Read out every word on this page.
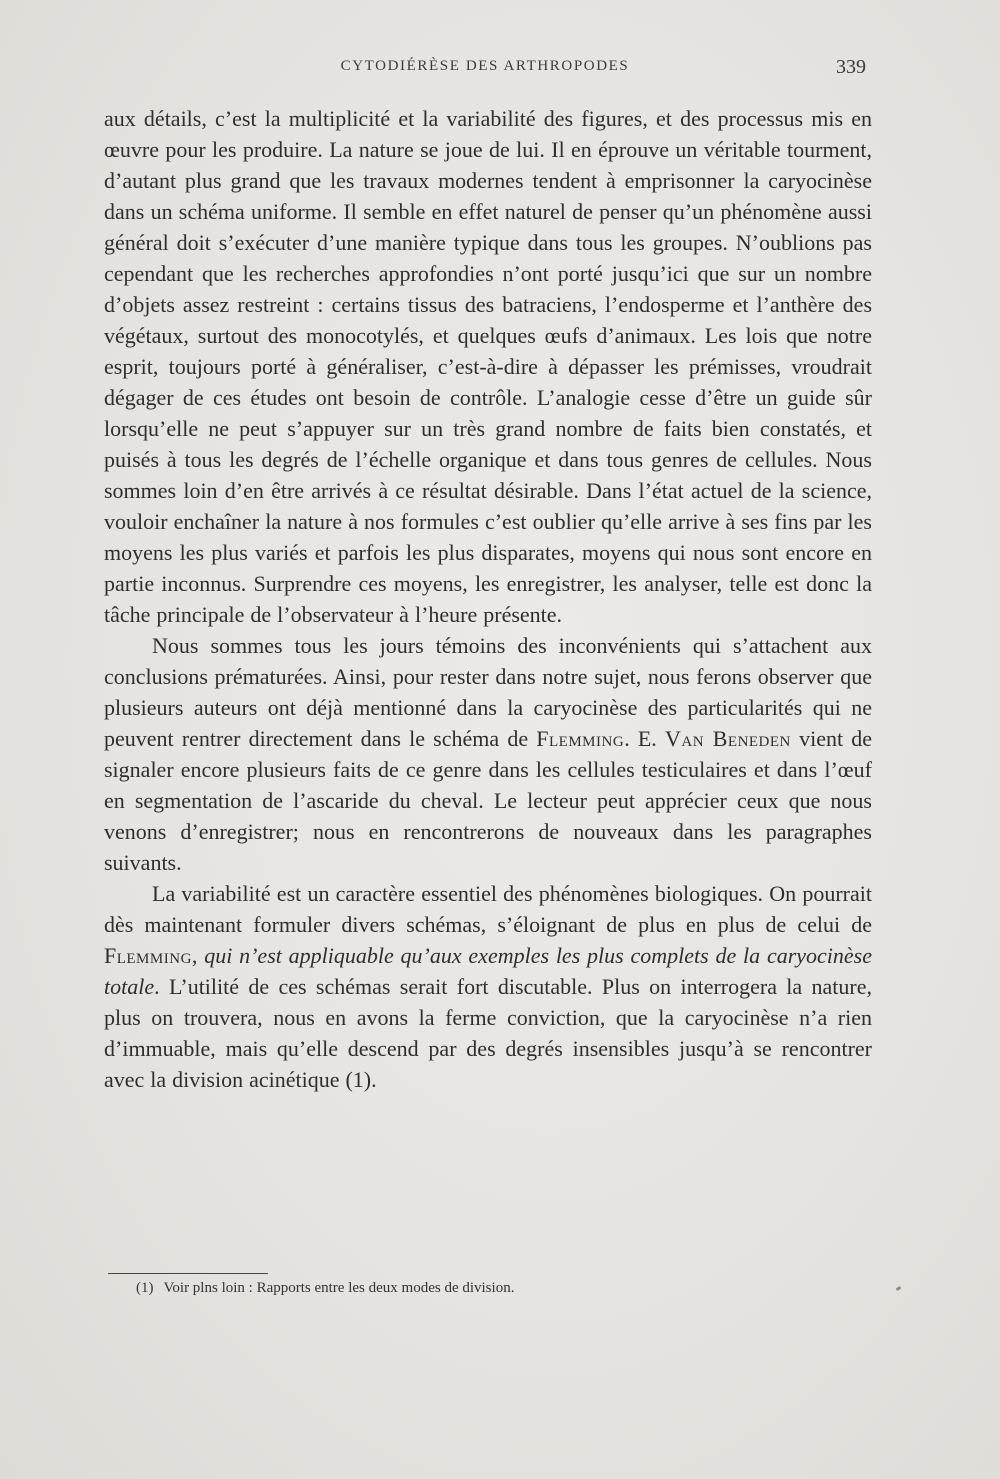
CYTODIÉRÈSE DES ARTHROPODES	339

aux détails, c’est la multiplicité et la variabilité des figures, et des processus mis en œuvre pour les produire. La nature se joue de lui. Il en éprouve un véritable tourment, d’autant plus grand que les travaux modernes tendent à emprisonner la caryocinèse dans un schéma uniforme. Il semble en effet naturel de penser qu’un phénomène aussi général doit s’exécuter d’une manière typique dans tous les groupes. N’oublions pas cependant que les recherches approfondies n’ont porté jusqu’ici que sur un nombre d’objets assez restreint : certains tissus des batraciens, l’endosperme et l’anthère des végétaux, surtout des monocotylés, et quelques œufs d’animaux. Les lois que notre esprit, toujours porté à généraliser, c’est-à-dire à dépasser les prémisses, vroudrait dégager de ces études ont besoin de contrôle. L’analogie cesse d’être un guide sûr lorsqu’elle ne peut s’appuyer sur un très grand nombre de faits bien constatés, et puisés à tous les degrés de l’échelle organique et dans tous genres de cellules. Nous sommes loin d’en être arrivés à ce résultat désirable. Dans l’état actuel de la science, vouloir enchaîner la nature à nos formules c’est oublier qu’elle arrive à ses fins par les moyens les plus variés et parfois les plus disparates, moyens qui nous sont encore en partie inconnus. Surprendre ces moyens, les enregistrer, les analyser, telle est donc la tâche principale de l’observateur à l’heure présente.

Nous sommes tous les jours témoins des inconvénients qui s’attachent aux conclusions prématurées. Ainsi, pour rester dans notre sujet, nous ferons observer que plusieurs auteurs ont déjà mentionné dans la caryocinèse des particularités qui ne peuvent rentrer directement dans le schéma de Flemming. E. Van Beneden vient de signaler encore plusieurs faits de ce genre dans les cellules testiculaires et dans l’œuf en segmentation de l’ascaride du cheval. Le lecteur peut apprécier ceux que nous venons d’enregistrer; nous en rencontrerons de nouveaux dans les paragraphes suivants.

La variabilité est un caractère essentiel des phénomènes biologiques. On pourrait dès maintenant formuler divers schémas, s’éloignant de plus en plus de celui de Flemming, qui n’est appliquable qu’aux exemples les plus complets de la caryocinèse totale. L’utilité de ces schémas serait fort discutable. Plus on interrogera la nature, plus on trouvera, nous en avons la ferme conviction, que la caryocinèse n’a rien d’immuable, mais qu’elle descend par des degrés insensibles jusqu’à se rencontrer avec la division acinétique (1).

(1) Voir plns loin : Rapports entre les deux modes de division.
